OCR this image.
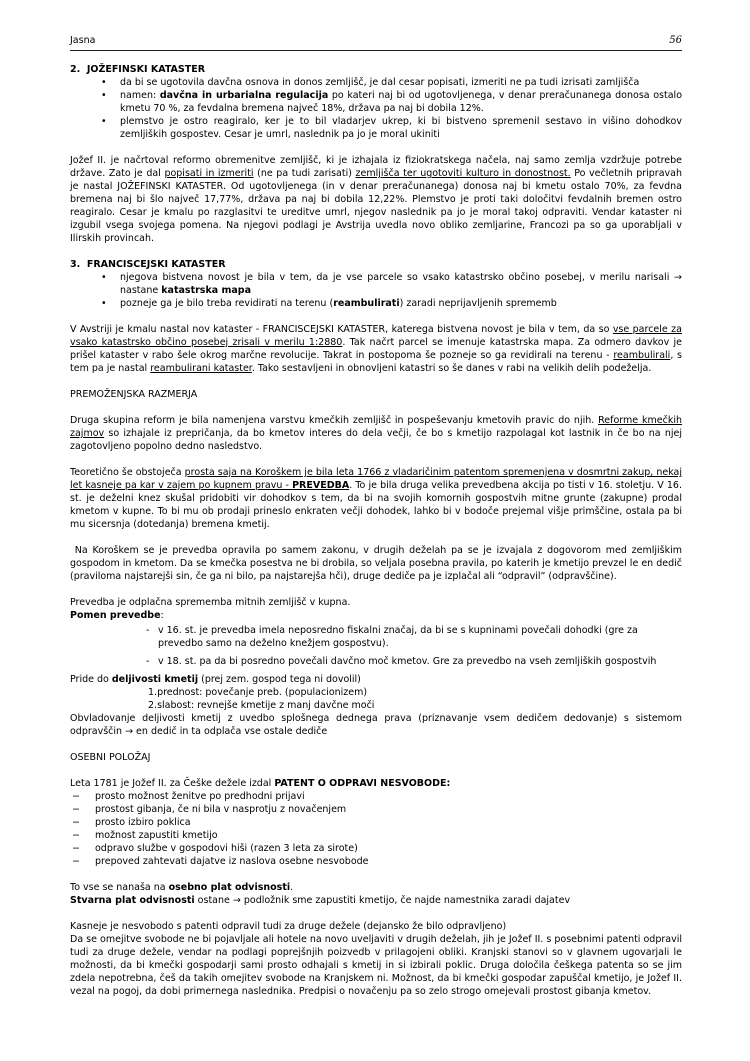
Jasna	56

2.  JOŽEFINSKI KATASTER

• da bi se ugotovila davčna osnova in donos zemljišč, je dal cesar popisati, izmeriti ne pa tudi izrisati zamljišča
• namen: davčna in urbarialna regulacija po kateri naj bi od ugotovljenega, v denar preračunanega donosa ostalo kmetu 70 %, za fevdalna bremena največ 18%, država pa naj bi dobila 12%.
• plemstvo je ostro reagiralo, ker je to bil vladarjev ukrep, ki bi bistveno spremenil sestavo in višino dohodkov zemljiških gospostev. Cesar je umrl, naslednik pa jo je moral ukiniti

Jožef II. je načrtoval reformo obremenitve zemljišč, ki je izhajala iz fiziokratskega načela, naj samo zemlja vzdržuje potrebe države. Zato je dal popisati in izmeriti (ne pa tudi zarisati) zemljišča ter ugotoviti kulturo in donostnost. Po večletnih pripravah je nastal JOŽEFINSKI KATASTER. Od ugotovljenega (in v denar preračunanega) donosa naj bi kmetu ostalo 70%, za fevdna bremena naj bi šlo največ 17,77%, država pa naj bi dobila 12,22%. Plemstvo je proti taki določitvi fevdalnih bremen ostro reagiralo. Cesar je kmalu po razglasitvi te ureditve umrl, njegov naslednik pa jo je moral takoj odpraviti. Vendar kataster ni izgubil vsega svojega pomena. Na njegovi podlagi je Avstrija uvedla novo obliko zemljarine, Francozi pa so ga uporabljali v Ilirskih provincah.

3.  FRANCISCEJSKI KATASTER

• njegova bistvena novost je bila v tem, da je vse parcele so vsako katastrsko občino posebej, v merilu narisali → nastane katastrska mapa
• pozneje ga je bilo treba revidirati na terenu (reambulirati) zaradi neprijavljenih sprememb

V Avstriji je kmalu nastal nov kataster - FRANCISCEJSKI KATASTER, katerega bistvena novost je bila v tem, da so vse parcele za vsako katastrsko občino posebej zrisali v merilu 1:2880. Tak načrt parcel se imenuje katastrska mapa. Za odmero davkov je prišel kataster v rabo šele okrog marčne revolucije. Takrat in postopoma še pozneje so ga revidirali na terenu - reambulirali, s tem pa je nastal reambulirani kataster. Tako sestavljeni in obnovljeni katastri so še danes v rabi na velikih delih podeželja.

PREMOŽENJSKA RAZMERJA

Druga skupina reform je bila namenjena varstvu kmečkih zemljišč in pospeševanju kmetovih pravic do njih. Reforme kmečkih zajmov so izhajale iz prepričanja, da bo kmetov interes do dela večji, če bo s kmetijo razpolagal kot lastnik in če bo na njej zagotovljeno popolno dedno nasledstvo.

Teoretično še obstoječa prosta saja na Koroškem je bila leta 1766 z vladaričinim patentom spremenjena v dosmrtni zakup, nekaj let kasneje pa kar v zajem po kupnem pravu - PREVEDBA. To je bila druga velika prevedbena akcija po tisti v 16. stoletju. V 16. st. je deželni knez skušal pridobiti vir dohodkov s tem, da bi na svojih komornih gospostvih mitne grunte (zakupne) prodal kmetom v kupne. To bi mu ob prodaji prineslo enkraten večji dohodek, lahko bi v bodoče prejemal višje primščine, ostala pa bi mu sicersnja (dotedanja) bremena kmetij.

Na Koroškem se je prevedba opravila po samem zakonu, v drugih deželah pa se je izvajala z dogovorom med zemljiškim gospodom in kmetom. Da se kmečka posestva ne bi drobila, so veljala posebna pravila, po katerih je kmetijo prevzel le en dedič (praviloma najstarejši sin, če ga ni bilo, pa najstarejša hči), druge dediče pa je izplačal ali “odpravil” (odpravščine).

Prevedba je odplačna sprememba mitnih zemljišč v kupna.

Pomen prevedbe:

- v 16. st. je prevedba imela neposredno fiskalni značaj, da bi se s kupninami povečali dohodki (gre za prevedbo samo na deželno knežjem gospostvu).
- v 18. st. pa da bi posredno povečali davčno moč kmetov. Gre za prevedbo na vseh zemljiških gospostvih

Pride do deljivosti kmetij (prej zem. gospod tega ni dovolil)

1.prednost: povečanje preb. (populacionizem)

2.slabost: revnejše kmetije z manj davčne moči

Obvladovanje deljivosti kmetij z uvedbo splošnega dednega prava (priznavanje vsem dedičem dedovanje) s sistemom odpravščin → en dedič in ta odplača vse ostale dediče

OSEBNI POLOŽAJ

Leta 1781 je Jožef II. za Češke dežele izdal PATENT O ODPRAVI NESVOBODE:

− prosto možnost ženitve po predhodni prijavi
− prostost gibanja, če ni bila v nasprotju z novačenjem
− prosto izbiro poklica
− možnost zapustiti kmetijo
− odpravo službe v gospodovi hiši (razen 3 leta za sirote)
− prepoved zahtevati dajatve iz naslova osebne nesvobode

To vse se nanaša na osebno plat odvisnosti.

Stvarna plat odvisnosti ostane → podložnik sme zapustiti kmetijo, če najde namestnika zaradi dajatev

Kasneje je nesvobodo s patenti odpravil tudi za druge dežele (dejansko že bilo odpravljeno)

Da se omejitve svobode ne bi pojavljale ali hotele na novo uveljaviti v drugih deželah, jih je Jožef II. s posebnimi patenti odpravil tudi za druge dežele, vendar na podlagi poprejšnjih poizvedb v prilagojeni obliki. Kranjski stanovi so v glavnem ugovarjali le možnosti, da bi kmečki gospodarji sami prosto odhajali s kmetij in si izbirali poklic. Druga določila češkega patenta so se jim zdela nepotrebna, češ da takih omejitev svobode na Kranjskem ni. Možnost, da bi kmečki gospodar zapuščal kmetijo, je Jožef II. vezal na pogoj, da dobi primernega naslednika. Predpisi o novačenju pa so zelo strogo omejevali prostost gibanja kmetov.
